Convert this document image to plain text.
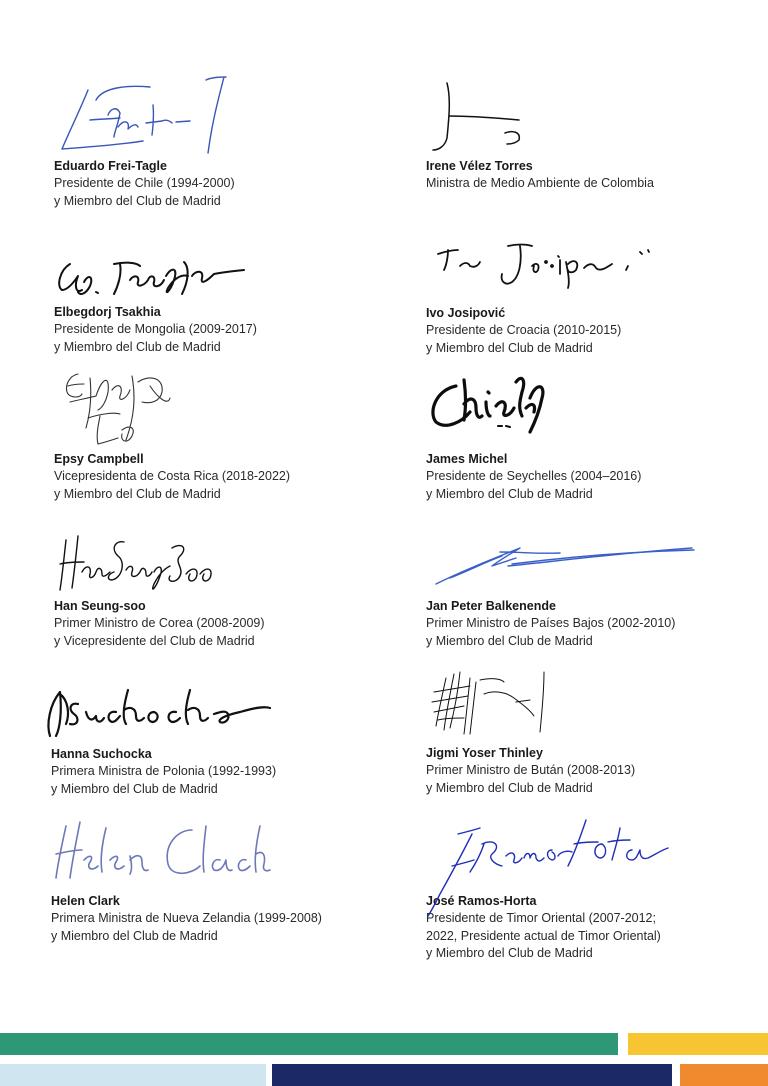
Eduardo Frei-Tagle
Presidente de Chile (1994-2000)
y Miembro del Club de Madrid
Irene Vélez Torres
Ministra de Medio Ambiente de Colombia
Elbegdorj Tsakhia
Presidente de Mongolia (2009-2017)
y Miembro del Club de Madrid
Ivo Josipović
Presidente de Croacia (2010-2015)
y Miembro del Club de Madrid
Epsy Campbell
Vicepresidenta de Costa Rica (2018-2022)
y Miembro del Club de Madrid
James Michel
Presidente de Seychelles (2004–2016)
y Miembro del Club de Madrid
Han Seung-soo
Primer Ministro de Corea (2008-2009)
y Vicepresidente del Club de Madrid
Jan Peter Balkenende
Primer Ministro de Países Bajos (2002-2010)
y Miembro del Club de Madrid
Hanna Suchocka
Primera Ministra de Polonia (1992-1993)
y Miembro del Club de Madrid
Jigmi Yoser Thinley
Primer Ministro de Bután (2008-2013)
y Miembro del Club de Madrid
Helen Clark
Primera Ministra de Nueva Zelandia (1999-2008)
y Miembro del Club de Madrid
José Ramos-Horta
Presidente de Timor Oriental (2007-2012;
2022, Presidente actual de Timor Oriental)
y Miembro del Club de Madrid
